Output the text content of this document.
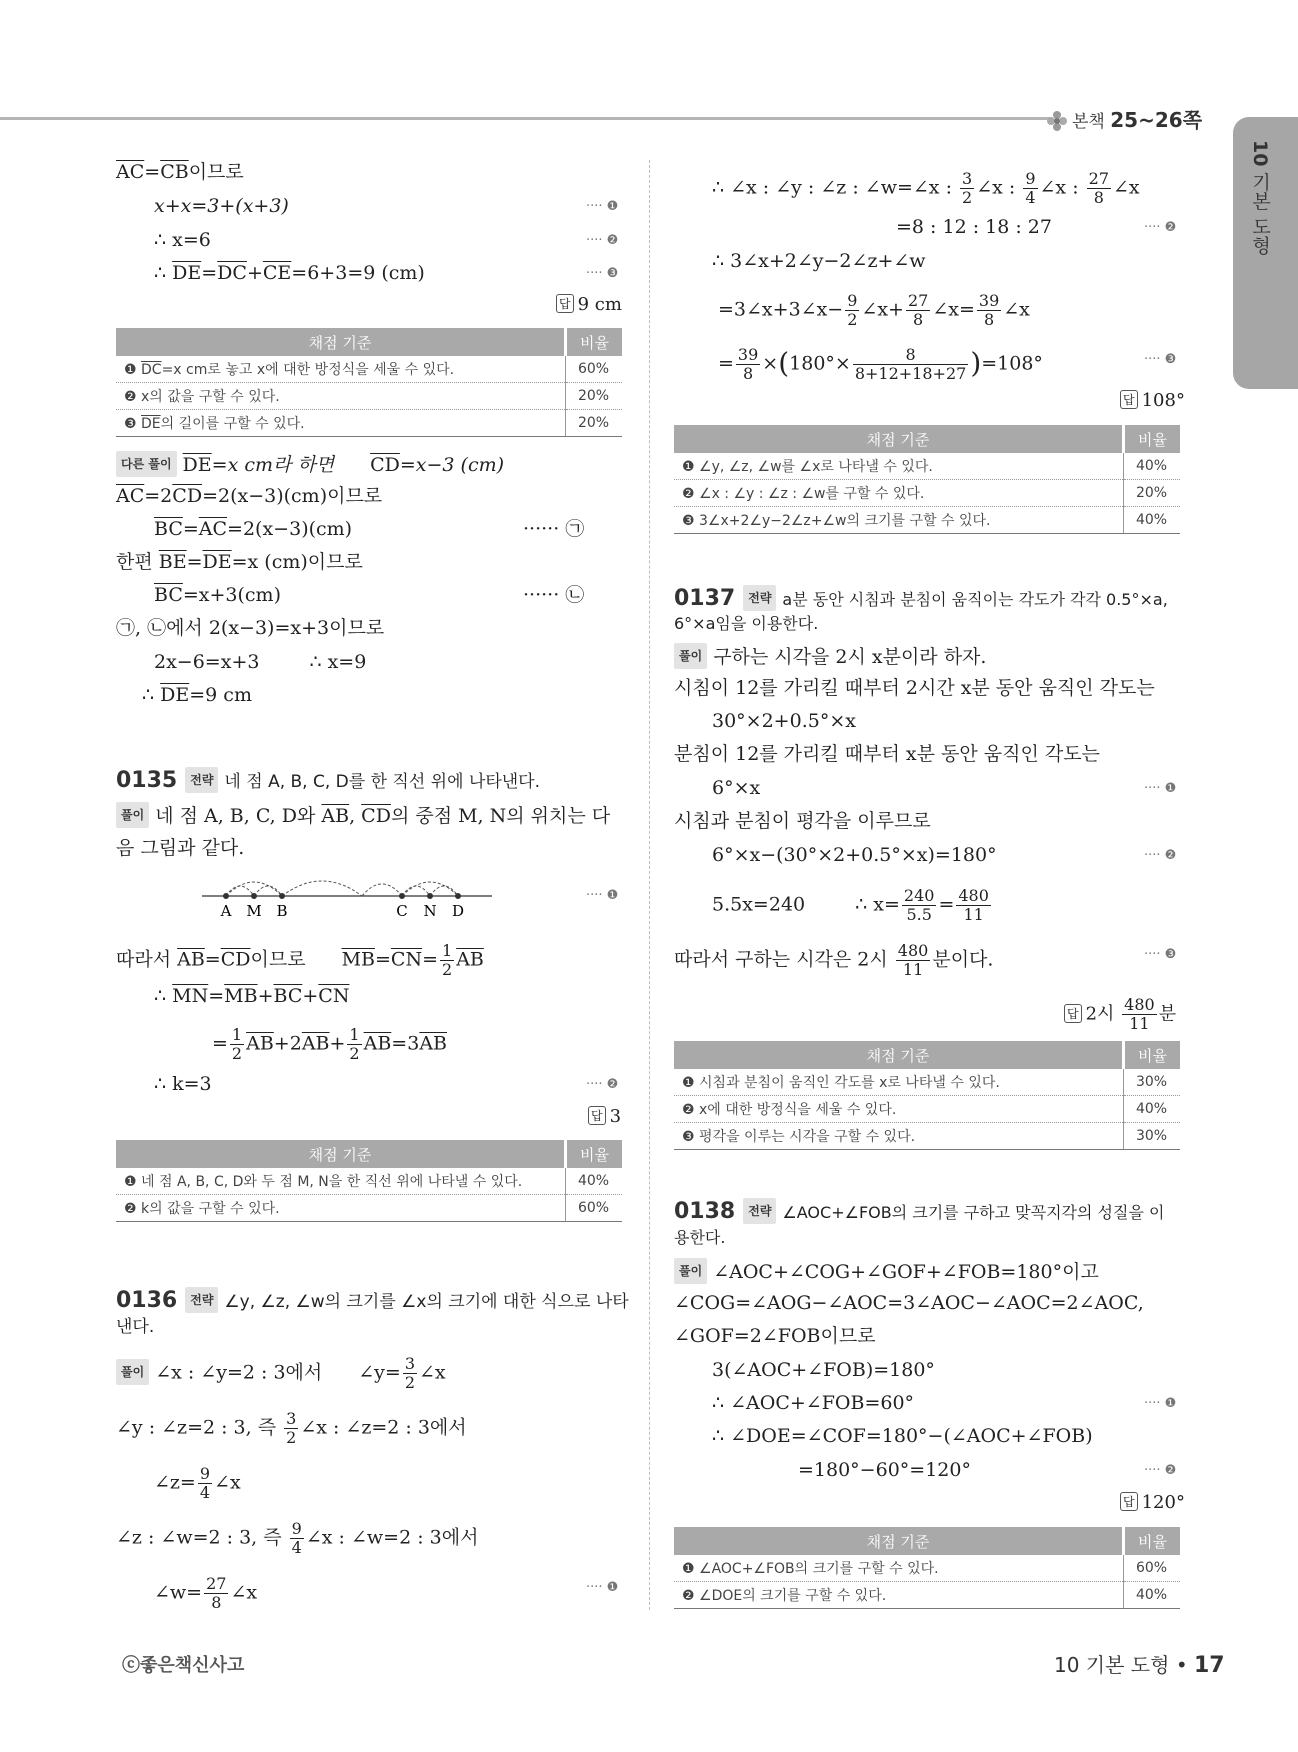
본책 25~26쪽
10 기본 도형
$\overline{AC}=\overline{CB}$이므로
x+x=3+(x+3)	···· ❶
∴ x=6	···· ❷
∴ $\overline{DE}=\overline{DC}+\overline{CE}=6+3=9$ (cm)	···· ❸
답 9 cm
채점 기준	비율
❶ $\overline{DC}=x$ cm로 놓고 x에 대한 방정식을 세울 수 있다.	60%
❷ x의 값을 구할 수 있다.	20%
❸ $\overline{DE}$의 길이를 구할 수 있다.	20%
다른 풀이 $\overline{DE}=x$ cm라 하면 $\overline{CD}=x-3$ (cm)
$\overline{AC}=2\overline{CD}=2(x-3)(cm)$이므로
$\overline{BC}=\overline{AC}=2(x-3)(cm)$	······ ㉠
한편 $\overline{BE}=\overline{DE}=x$ (cm)이므로
$\overline{BC}=x+3(cm)$	······ ㉡
㉠, ㉡에서 2(x−3)=x+3이므로
2x−6=x+3	∴ x=9
∴ $\overline{DE}=9$ cm
0135 전략 네 점 A, B, C, D를 한 직선 위에 나타낸다.
풀이 네 점 A, B, C, D와 $\overline{AB}$, $\overline{CD}$의 중점 M, N의 위치는 다
음 그림과 같다.
A M B	C N D
···· ❶
따라서 $\overline{AB}=\overline{CD}$이므로 $\overline{MB}=\overline{CN}= \frac{1}{2} \overline{AB}$
∴ $\overline{MN}=\overline{MB}+\overline{BC}+\overline{CN}$
= $\frac{1}{2} \overline{AB}+2\overline{AB}+ \frac{1}{2} \overline{AB}=3\overline{AB}$
∴ k=3	···· ❷
답 3
채점 기준	비율
❶ 네 점 A, B, C, D와 두 점 M, N을 한 직선 위에 나타낼 수 있다.	40%
❷ k의 값을 구할 수 있다.	60%
0136 전략 ∠y, ∠z, ∠w의 크기를 ∠x의 크기에 대한 식으로 나타
낸다.
풀이 ∠x : ∠y=2 : 3에서 ∠y= $\frac{3}{2}$ ∠x
∠y : ∠z=2 : 3, 즉 $\frac{3}{2}$ ∠x : ∠z=2 : 3에서
∠z= $\frac{9}{4}$ ∠x
∠z : ∠w=2 : 3, 즉 $\frac{9}{4}$ ∠x : ∠w=2 : 3에서
∠w= $\frac{27}{8}$ ∠x	···· ❶
∴ ∠x : ∠y : ∠z : ∠w=∠x : $\frac{3}{2}$ ∠x : $\frac{9}{4}$ ∠x : $\frac{27}{8}$ ∠x
=8 : 12 : 18 : 27	···· ❷
∴ 3∠x+2∠y−2∠z+∠w
=3∠x+3∠x− $\frac{9}{2}$ ∠x+ $\frac{27}{8}$ ∠x= $\frac{39}{8}$ ∠x
= $\frac{39}{8} \times(180^\circ\times \frac{8}{8+12+18+27} )=108^\circ$	···· ❸
답 108°
채점 기준	비율
❶ ∠y, ∠z, ∠w를 ∠x로 나타낼 수 있다.	40%
❷ ∠x : ∠y : ∠z : ∠w를 구할 수 있다.	20%
❸ 3∠x+2∠y−2∠z+∠w의 크기를 구할 수 있다.	40%
0137 전략 a분 동안 시침과 분침이 움직이는 각도가 각각 0.5°×a,
6°×a임을 이용한다.
풀이 구하는 시각을 2시 x분이라 하자.
시침이 12를 가리킬 때부터 2시간 x분 동안 움직인 각도는
30°×2+0.5°×x
분침이 12를 가리킬 때부터 x분 동안 움직인 각도는
6°×x	···· ❶
시침과 분침이 평각을 이루므로
6°×x−(30°×2+0.5°×x)=180°	···· ❷
5.5x=240	∴ $x= \frac{240}{5.5} = \frac{480}{11}$
따라서 구하는 시각은 2시 $\frac{480}{11}$ 분이다.	···· ❸
답 2시 $\frac{480}{11}$ 분
채점 기준	비율
❶ 시침과 분침이 움직인 각도를 x로 나타낼 수 있다.	30%
❷ x에 대한 방정식을 세울 수 있다.	40%
❸ 평각을 이루는 시각을 구할 수 있다.	30%
0138 전략 ∠AOC+∠FOB의 크기를 구하고 맞꼭지각의 성질을 이
용한다.
풀이 ∠AOC+∠COG+∠GOF+∠FOB=180°이고
∠COG=∠AOG−∠AOC=3∠AOC−∠AOC=2∠AOC,
∠GOF=2∠FOB이므로
3(∠AOC+∠FOB)=180°
∴ ∠AOC+∠FOB=60°	···· ❶
∴ ∠DOE=∠COF=180°−(∠AOC+∠FOB)
=180°−60°=120°	···· ❷
답 120°
채점 기준	비율
❶ ∠AOC+∠FOB의 크기를 구할 수 있다.	60%
❷ ∠DOE의 크기를 구할 수 있다.	40%
ⓒ좋은책신사고	10 기본 도형 • 17
